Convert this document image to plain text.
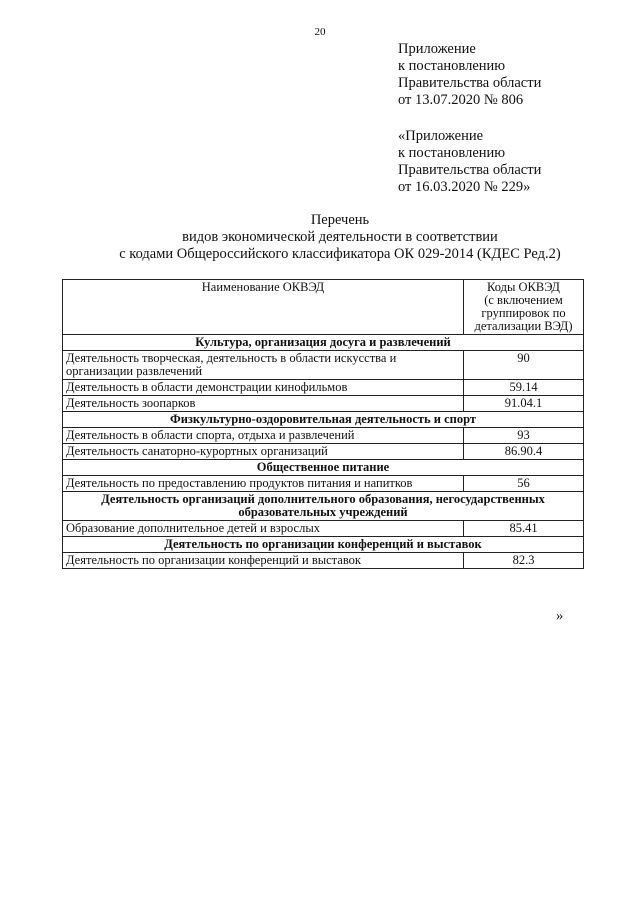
20
Приложение
к постановлению
Правительства области
от 13.07.2020 № 806
«Приложение
к постановлению
Правительства области
от 16.03.2020 № 229»
Перечень
видов экономической деятельности в соответствии
с кодами Общероссийского классификатора ОК 029-2014 (КДЕС Ред.2)
Наименование ОКВЭД	Коды ОКВЭД
(с включением
группировок по
детализации ВЭД)

Культура, организация досуга и развлечений	
Деятельность творческая, деятельность в области искусства и организации развлечений	90
Деятельность в области демонстрации кинофильмов	59.14
Деятельность зоопарков	91.04.1
Физкультурно-оздоровительная деятельность и спорт	
Деятельность в области спорта, отдыха и развлечений	93
Деятельность санаторно-курортных организаций	86.90.4
Общественное питание	
Деятельность по предоставлению продуктов питания и напитков	56
Деятельность организаций дополнительного образования, негосударственных образовательных учреждений	
Образование дополнительное детей и взрослых	85.41
Деятельность по организации конференций и выставок	
Деятельность по организации конференций и выставок	82.3
»
